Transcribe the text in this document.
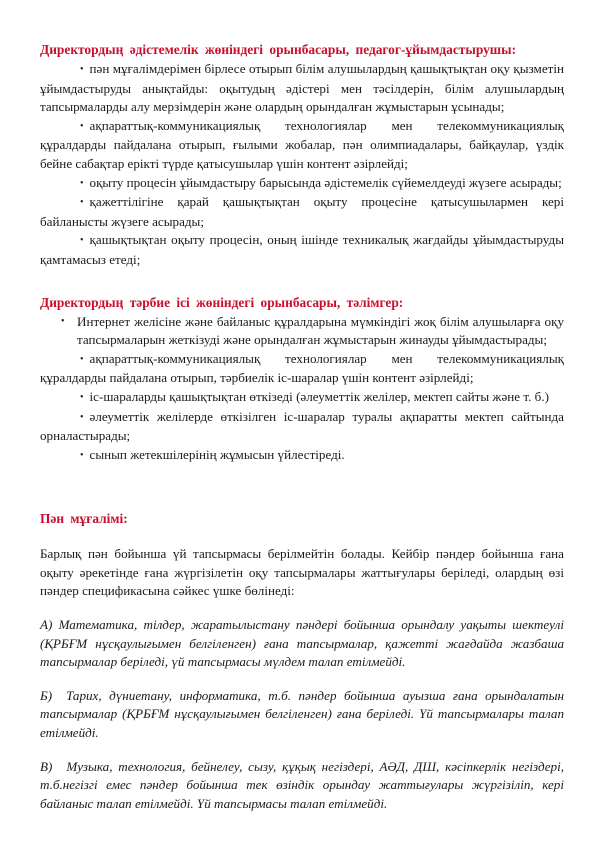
Директордың әдістемелік жөніндегі орынбасары, педагог-ұйымдастырушы:

• пән мұғалімдерімен бірлесе отырып білім алушылардың қашықтықтан оқу қызметін ұйымдастыруды анықтайды: оқытудың әдістері мен тәсілдерін, білім алушылардың тапсырмаларды алу мерзімдерін және олардың орындалған жұмыстарын ұсынады;

• ақпараттық-коммуникациялық технологиялар мен телекоммуникациялық құралдарды пайдалана отырып, ғылыми жобалар, пән олимпиадалары, байқаулар, үздік бейне сабақтар ерікті түрде қатысушылар үшін контент әзірлейді;

• оқыту процесін ұйымдастыру барысында әдістемелік сүйемелдеуді жүзеге асырады;

• қажеттілігіне қарай қашықтықтан оқыту процесіне қатысушылармен кері байланысты жүзеге асырады;

• қашықтықтан оқыту процесін, оның ішінде техникалық жағдайды ұйымдастыруды қамтамасыз етеді;

Директордың тәрбие ісі жөніндегі орынбасары, тәлімгер:

• Интернет желісіне және байланыс құралдарына мүмкіндігі жоқ білім алушыларға оқу тапсырмаларын жеткізуді және орындалған жұмыстарын жинауды ұйымдастырады;

• ақпараттық-коммуникациялық технологиялар мен телекоммуникациялық құралдарды пайдалана отырып, тәрбиелік іс-шаралар үшін контент әзірлейді;

• іс-шараларды қашықтықтан өткізеді (әлеуметтік желілер, мектеп сайты және т. б.)

• әлеуметтік желілерде өткізілген іс-шаралар туралы ақпаратты мектеп сайтында орналастырады;

• сынып жетекшілерінің жұмысын үйлестіреді.

Пән мұғалімі:

Барлық пән бойынша үй тапсырмасы берілмейтін болады. Кейбір пәндер бойынша ғана оқыту әрекетінде ғана жүргізілетін оқу тапсырмалары жаттығулары беріледі, олардың өзі пәндер спецификасына сәйкес үшке бөлінеді:

А) Математика, тілдер, жаратылыстану пәндері бойынша орындалу уақыты шектеулі (ҚРБҒМ нұсқаулығымен белгіленген) ғана тапсырмалар, қажетті жағдайда жазбаша тапсырмалар беріледі, үй тапсырмасы мүлдем талап етілмейді.

Б) Тарих, дүниетану, информатика, т.б. пәндер бойынша ауызша ғана орындалатын тапсырмалар (ҚРБҒМ нұсқаулығымен белгіленген) ғана беріледі. Үй тапсырмалары талап етілмейді.

В) Музыка, технология, бейнелеу, сызу, құқық негіздері, АӘД, ДШ, кәсіпкерлік негіздері, т.б.негізгі емес пәндер бойынша тек өзіндік орындау жаттығулары жүргізіліп, кері байланыс талап етілмейді. Үй тапсырмасы талап етілмейді.
